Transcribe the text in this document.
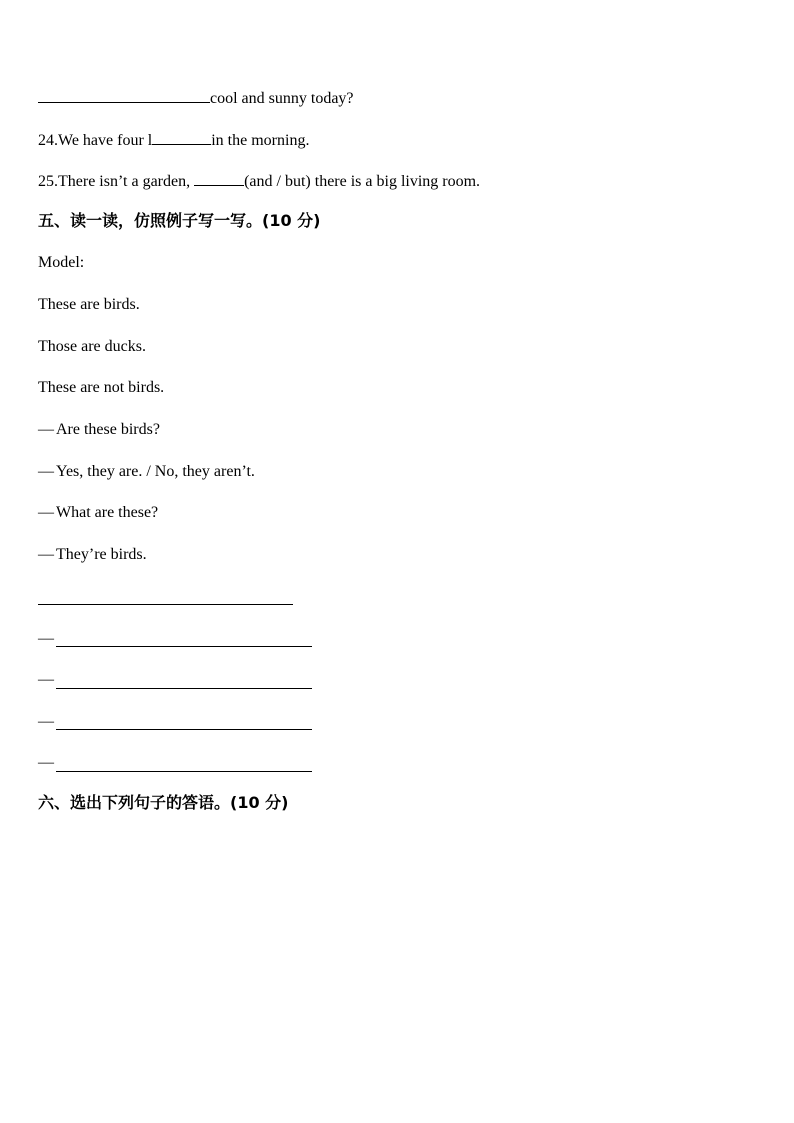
cool and sunny today?
24.We have four l	in the morning.
25.There isn’t a garden,	(and / but) there is a big living room.
五、读一读，仿照例子写一写。(10 分)
Model:
These are birds.
Those are ducks.
These are not birds.
— Are these birds?
— Yes, they are. / No, they aren’t.
— What are these?
— They’re birds.
—
—
—
—
六、选出下列句子的答语。(10 分)
